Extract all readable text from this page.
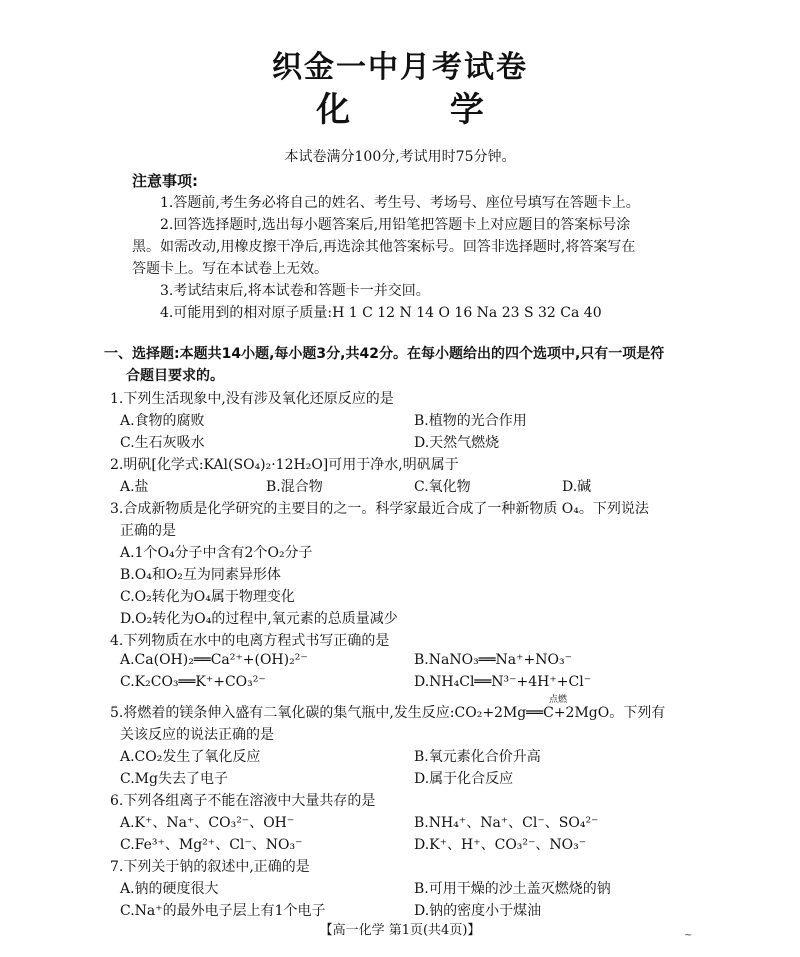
织金一中月考试卷
化 学
本试卷满分100分,考试用时75分钟。
注意事项:
1.答题前,考生务必将自己的姓名、考生号、考场号、座位号填写在答题卡上。
2.回答选择题时,选出每小题答案后,用铅笔把答题卡上对应题目的答案标号涂
黑。如需改动,用橡皮擦干净后,再选涂其他答案标号。回答非选择题时,将答案写在
答题卡上。写在本试卷上无效。
3.考试结束后,将本试卷和答题卡一并交回。
4.可能用到的相对原子质量:H 1 C 12 N 14 O 16 Na 23 S 32 Ca 40
一、选择题:本题共14小题,每小题3分,共42分。在每小题给出的四个选项中,只有一项是符
合题目要求的。
1.下列生活现象中,没有涉及氧化还原反应的是
A.食物的腐败	B.植物的光合作用
C.生石灰吸水	D.天然气燃烧
2.明矾[化学式:KAl(SO₄)₂·12H₂O]可用于净水,明矾属于
A.盐	B.混合物	C.氧化物	D.碱
3.合成新物质是化学研究的主要目的之一。科学家最近合成了一种新物质 O₄。下列说法
正确的是
A.1个O₄分子中含有2个O₂分子
B.O₄和O₂互为同素异形体
C.O₂转化为O₄属于物理变化
D.O₂转化为O₄的过程中,氧元素的总质量减少
4.下列物质在水中的电离方程式书写正确的是
A.Ca(OH)₂══Ca²⁺+(OH)₂²⁻	B.NaNO₃══Na⁺+NO₃⁻
C.K₂CO₃══K⁺+CO₃²⁻	D.NH₄Cl══N³⁻+4H⁺+Cl⁻
点燃
5.将燃着的镁条伸入盛有二氧化碳的集气瓶中,发生反应:CO₂+2Mg══C+2MgO。下列有
关该反应的说法正确的是
A.CO₂发生了氧化反应	B.氧元素化合价升高
C.Mg失去了电子	D.属于化合反应
6.下列各组离子不能在溶液中大量共存的是
A.K⁺、Na⁺、CO₃²⁻、OH⁻	B.NH₄⁺、Na⁺、Cl⁻、SO₄²⁻
C.Fe³⁺、Mg²⁺、Cl⁻、NO₃⁻	D.K⁺、H⁺、CO₃²⁻、NO₃⁻
7.下列关于钠的叙述中,正确的是
A.钠的硬度很大	B.可用干燥的沙土盖灭燃烧的钠
C.Na⁺的最外电子层上有1个电子	D.钠的密度小于煤油
【高一化学 第1页(共4页)】	~
